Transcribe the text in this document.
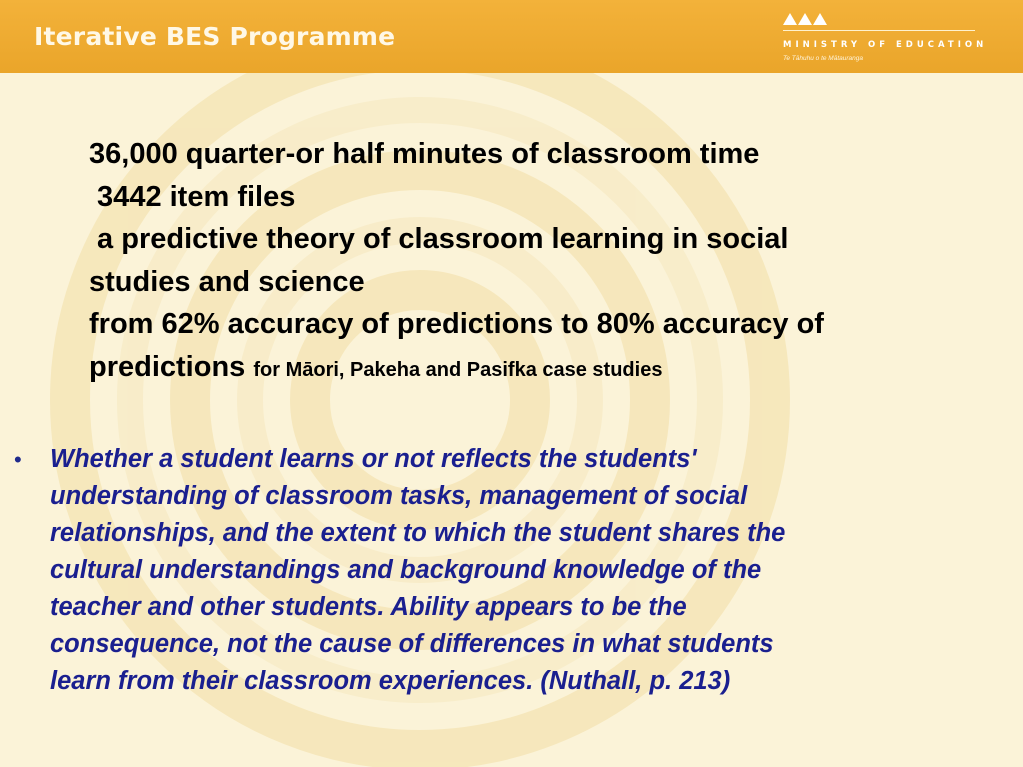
Iterative BES Programme	MINISTRY OF EDUCATION
Te Tāhuhu o te Mātauranga
36,000 quarter-or half minutes of classroom time
3442 item files
a predictive theory of classroom learning in social
studies and science
from 62% accuracy of predictions to 80% accuracy of
predictions for Māori, Pakeha and Pasifka case studies
• Whether a student learns or not reflects the students'
understanding of classroom tasks, management of social
relationships, and the extent to which the student shares the
cultural understandings and background knowledge of the
teacher and other students. Ability appears to be the
consequence, not the cause of differences in what students
learn from their classroom experiences. (Nuthall, p. 213)
